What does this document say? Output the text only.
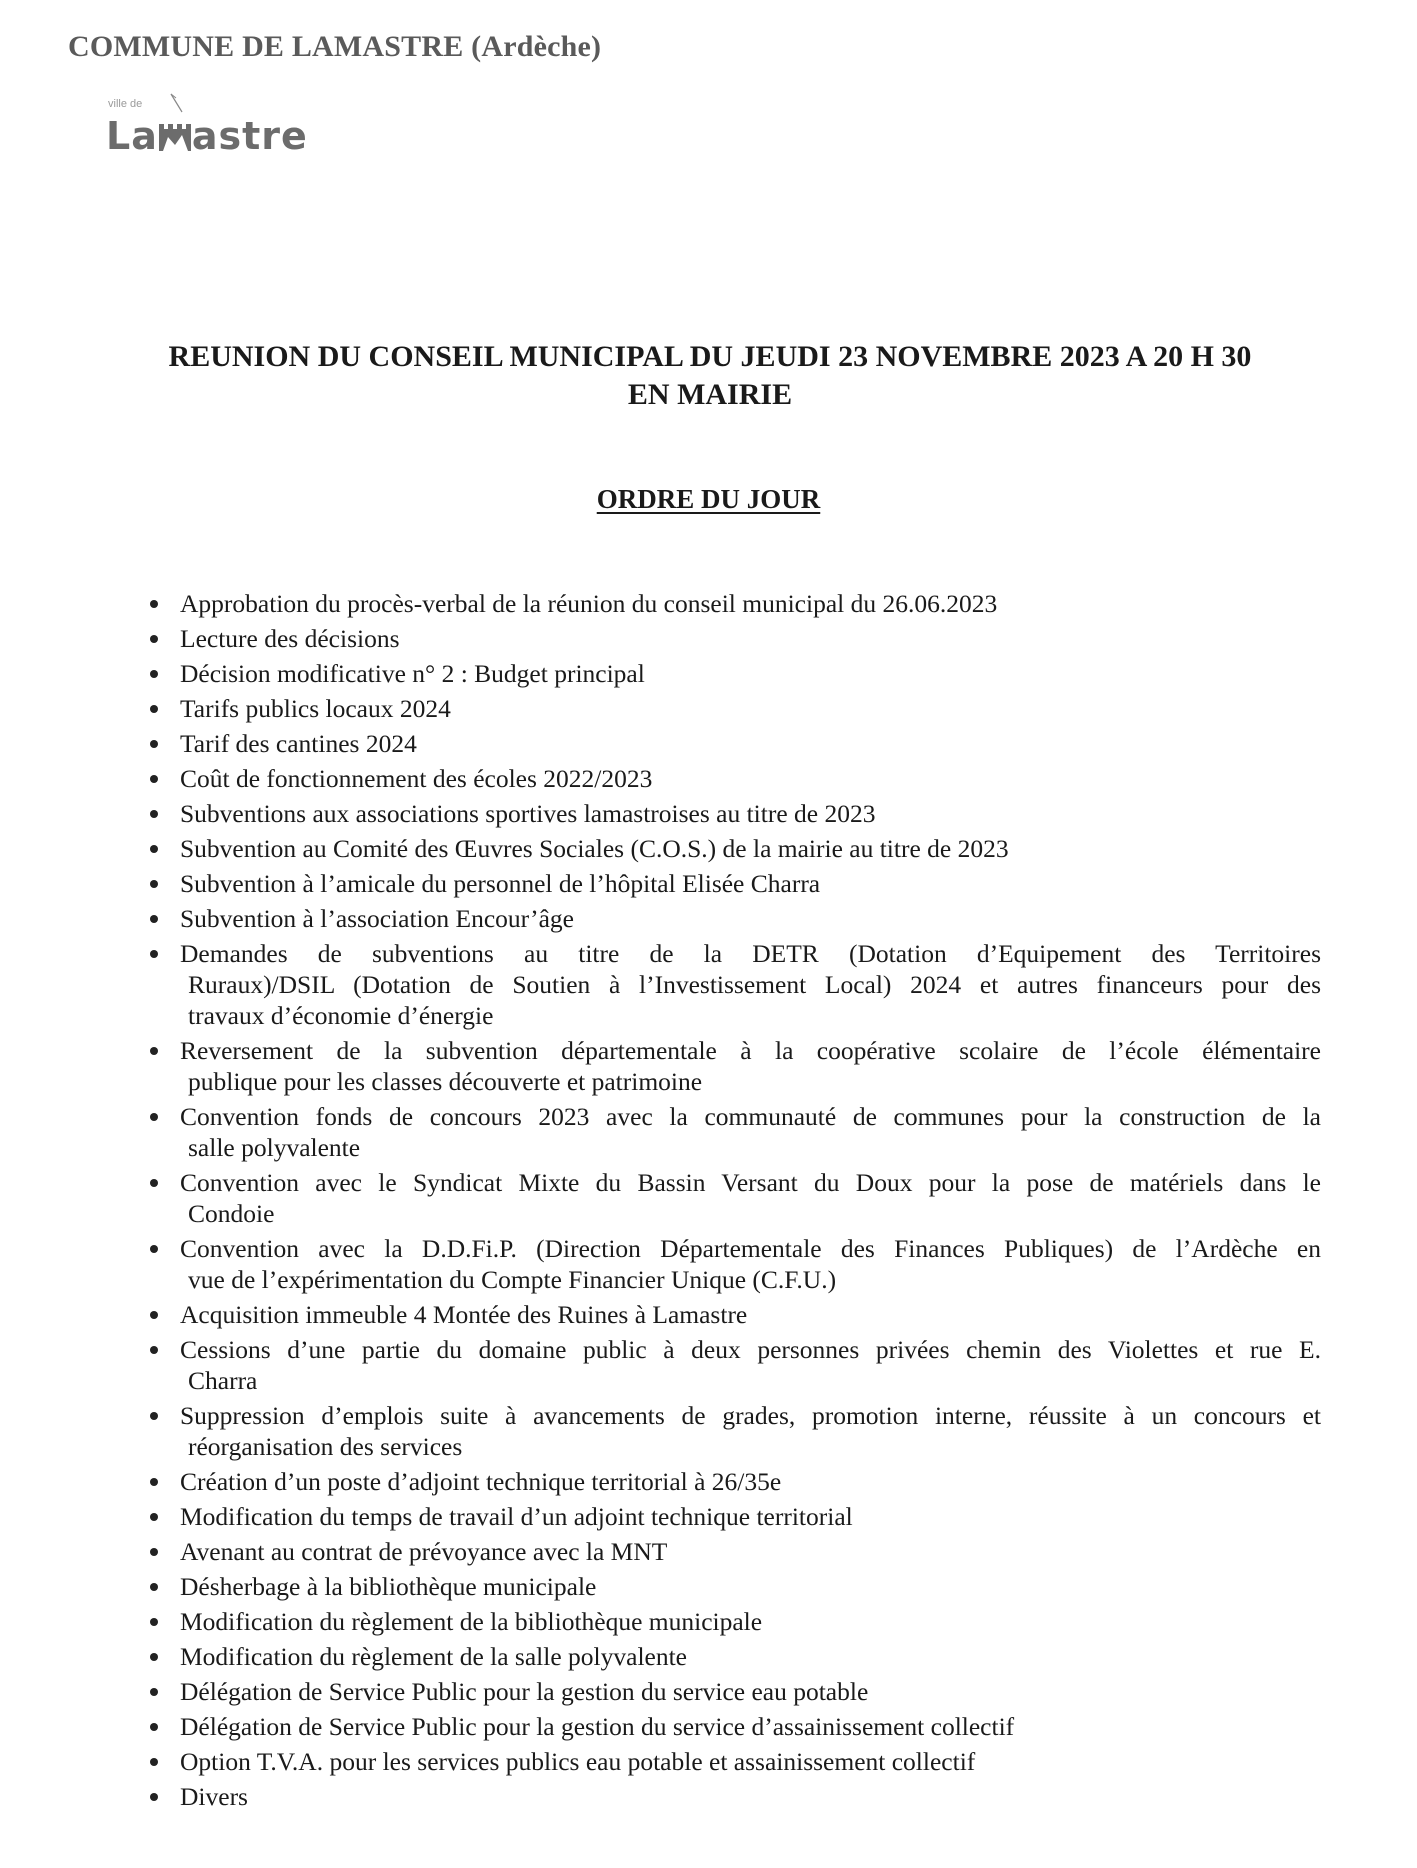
COMMUNE DE LAMASTRE (Ardèche)
ville de
La astre
REUNION DU CONSEIL MUNICIPAL DU JEUDI 23 NOVEMBRE 2023 A 20 H 30
EN MAIRIE
ORDRE DU JOUR
Approbation du procès-verbal de la réunion du conseil municipal du 26.06.2023
Lecture des décisions
Décision modificative n° 2 : Budget principal
Tarifs publics locaux 2024
Tarif des cantines 2024
Coût de fonctionnement des écoles 2022/2023
Subventions aux associations sportives lamastroises au titre de 2023
Subvention au Comité des Œuvres Sociales (C.O.S.) de la mairie au titre de 2023
Subvention à l’amicale du personnel de l’hôpital Elisée Charra
Subvention à l’association Encour’âge
Demandes de subventions au titre de la DETR (Dotation d’Equipement des Territoires
Ruraux)/DSIL (Dotation de Soutien à l’Investissement Local) 2024 et autres financeurs pour des
travaux d’économie d’énergie
Reversement de la subvention départementale à la coopérative scolaire de l’école élémentaire
publique pour les classes découverte et patrimoine
Convention fonds de concours 2023 avec la communauté de communes pour la construction de la
salle polyvalente
Convention avec le Syndicat Mixte du Bassin Versant du Doux pour la pose de matériels dans le
Condoie
Convention avec la D.D.Fi.P. (Direction Départementale des Finances Publiques) de l’Ardèche en
vue de l’expérimentation du Compte Financier Unique (C.F.U.)
Acquisition immeuble 4 Montée des Ruines à Lamastre
Cessions d’une partie du domaine public à deux personnes privées chemin des Violettes et rue E.
Charra
Suppression d’emplois suite à avancements de grades, promotion interne, réussite à un concours et
réorganisation des services
Création d’un poste d’adjoint technique territorial à 26/35e
Modification du temps de travail d’un adjoint technique territorial
Avenant au contrat de prévoyance avec la MNT
Désherbage à la bibliothèque municipale
Modification du règlement de la bibliothèque municipale
Modification du règlement de la salle polyvalente
Délégation de Service Public pour la gestion du service eau potable
Délégation de Service Public pour la gestion du service d’assainissement collectif
Option T.V.A. pour les services publics eau potable et assainissement collectif
Divers
